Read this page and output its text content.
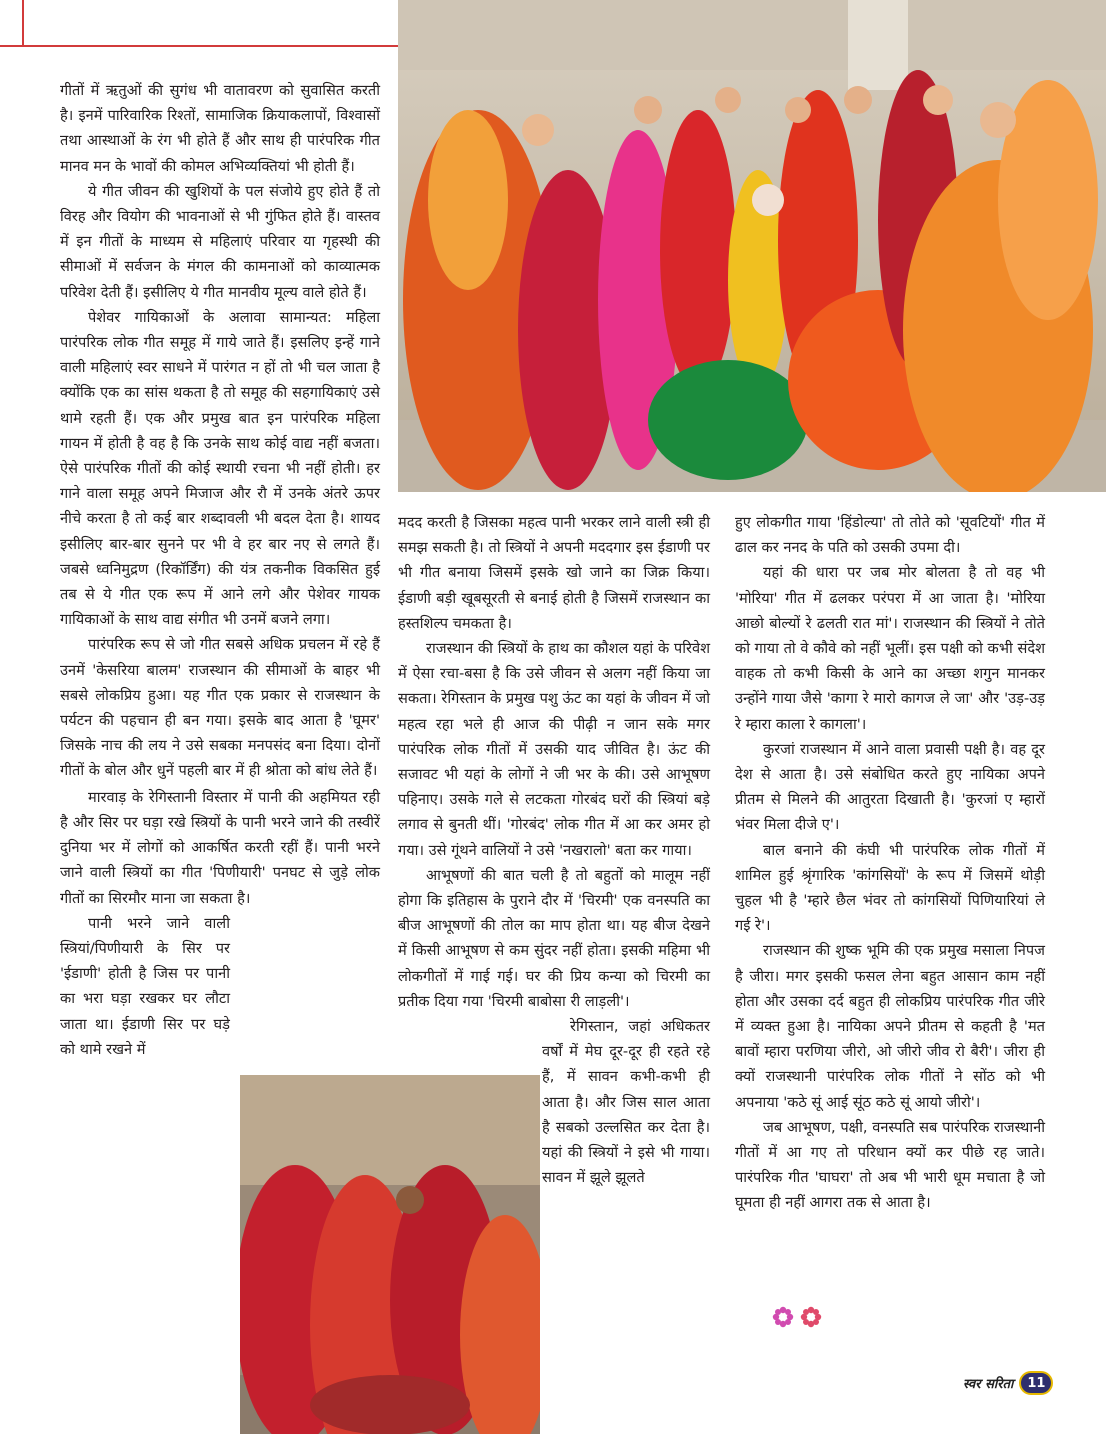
गीतों में ऋतुओं की सुगंध भी वातावरण को सुवासित करती है। इनमें पारिवारिक रिश्तों, सामाजिक क्रियाकलापों, विश्वासों तथा आस्थाओं के रंग भी होते हैं और साथ ही पारंपरिक गीत मानव मन के भावों की कोमल अभिव्यक्तियां भी होती हैं।

ये गीत जीवन की खुशियों के पल संजोये हुए होते हैं तो विरह और वियोग की भावनाओं से भी गुंफित होते हैं। वास्तव में इन गीतों के माध्यम से महिलाएं परिवार या गृहस्थी की सीमाओं में सर्वजन के मंगल की कामनाओं को काव्यात्मक परिवेश देती हैं। इसीलिए ये गीत मानवीय मूल्य वाले होते हैं।

पेशेवर गायिकाओं के अलावा सामान्यत: महिला पारंपरिक लोक गीत समूह में गाये जाते हैं। इसलिए इन्हें गाने वाली महिलाएं स्वर साधने में पारंगत न हों तो भी चल जाता है क्योंकि एक का सांस थकता है तो समूह की सहगायिकाएं उसे थामे रहती हैं। एक और प्रमुख बात इन पारंपरिक महिला गायन में होती है वह है कि उनके साथ कोई वाद्य नहीं बजता। ऐसे पारंपरिक गीतों की कोई स्थायी रचना भी नहीं होती। हर गाने वाला समूह अपने मिजाज और रौ में उनके अंतरे ऊपर नीचे करता है तो कई बार शब्दावली भी बदल देता है। शायद इसीलिए बार-बार सुनने पर भी वे हर बार नए से लगते हैं। जबसे ध्वनिमुद्रण (रिकॉर्डिंग) की यंत्र तकनीक विकसित हुई तब से ये गीत एक रूप में आने लगे और पेशेवर गायक गायिकाओं के साथ वाद्य संगीत भी उनमें बजने लगा।

पारंपरिक रूप से जो गीत सबसे अधिक प्रचलन में रहे हैं उनमें 'केसरिया बालम' राजस्थान की सीमाओं के बाहर भी सबसे लोकप्रिय हुआ। यह गीत एक प्रकार से राजस्थान के पर्यटन की पहचान ही बन गया। इसके बाद आता है 'घूमर' जिसके नाच की लय ने उसे सबका मनपसंद बना दिया। दोनों गीतों के बोल और धुनें पहली बार में ही श्रोता को बांध लेते हैं।

मारवाड़ के रेगिस्तानी विस्तार में पानी की अहमियत रही है और सिर पर घड़ा रखे स्त्रियों के पानी भरने जाने की तस्वीरें दुनिया भर में लोगों को आकर्षित करती रहीं हैं। पानी भरने जाने वाली स्त्रियों का गीत 'पिणीयारी' पनघट से जुड़े लोक गीतों का सिरमौर माना जा सकता है।

पानी भरने जाने वाली स्त्रियां/पिणीयारी के सिर पर 'ईडाणी' होती है जिस पर पानी का भरा घड़ा रखकर घर लौटा जाता था। ईडाणी सिर पर घड़े को थामे रखने में

मदद करती है जिसका महत्व पानी भरकर लाने वाली स्त्री ही समझ सकती है। तो स्त्रियों ने अपनी मददगार इस ईडाणी पर भी गीत बनाया जिसमें इसके खो जाने का जिक्र किया। ईडाणी बड़ी खूबसूरती से बनाई होती है जिसमें राजस्थान का हस्तशिल्प चमकता है।

राजस्थान की स्त्रियों के हाथ का कौशल यहां के परिवेश में ऐसा रचा-बसा है कि उसे जीवन से अलग नहीं किया जा सकता। रेगिस्तान के प्रमुख पशु ऊंट का यहां के जीवन में जो महत्व रहा भले ही आज की पीढ़ी न जान सके मगर पारंपरिक लोक गीतों में उसकी याद जीवित है। ऊंट की सजावट भी यहां के लोगों ने जी भर के की। उसे आभूषण पहिनाए। उसके गले से लटकता गोरबंद घरों की स्त्रियां बड़े लगाव से बुनती थीं। 'गोरबंद' लोक गीत में आ कर अमर हो गया। उसे गूंथने वालियों ने उसे 'नखरालो' बता कर गाया।

आभूषणों की बात चली है तो बहुतों को मालूम नहीं होगा कि इतिहास के पुराने दौर में 'चिरमी' एक वनस्पति का बीज आभूषणों की तोल का माप होता था। यह बीज देखने में किसी आभूषण से कम सुंदर नहीं होता। इसकी महिमा भी लोकगीतों में गाई गई। घर की प्रिय कन्या को चिरमी का प्रतीक दिया गया 'चिरमी बाबोसा री लाड़ली'।

रेगिस्तान, जहां अधिकतर वर्षों में मेघ दूर-दूर ही रहते रहे हैं, में सावन कभी-कभी ही आता है। और जिस साल आता है सबको उल्लसित कर देता है। यहां की स्त्रियों ने इसे भी गाया। सावन में झूले झूलते

हुए लोकगीत गाया 'हिंडोल्या' तो तोते को 'सूवटियों' गीत में ढाल कर ननद के पति को उसकी उपमा दी।

यहां की धारा पर जब मोर बोलता है तो वह भी 'मोरिया' गीत में ढलकर परंपरा में आ जाता है। 'मोरिया आछो बोल्यों रे ढलती रात मां'। राजस्थान की स्त्रियों ने तोते को गाया तो वे कौवे को नहीं भूलीं। इस पक्षी को कभी संदेश वाहक तो कभी किसी के आने का अच्छा शगुन मानकर उन्होंने गाया जैसे 'कागा रे मारो कागज ले जा' और 'उड़-उड़ रे म्हारा काला रे कागला'।

कुरजां राजस्थान में आने वाला प्रवासी पक्षी है। वह दूर देश से आता है। उसे संबोधित करते हुए नायिका अपने प्रीतम से मिलने की आतुरता दिखाती है। 'कुरजां ए म्हारों भंवर मिला दीजे ए'।

बाल बनाने की कंघी भी पारंपरिक लोक गीतों में शामिल हुई श्रृंगारिक 'कांगसियों' के रूप में जिसमें थोड़ी चुहल भी है 'म्हारे छैल भंवर तो कांगसियों पिणियारियां ले गई रे'।

राजस्थान की शुष्क भूमि की एक प्रमुख मसाला निपज है जीरा। मगर इसकी फसल लेना बहुत आसान काम नहीं होता और उसका दर्द बहुत ही लोकप्रिय पारंपरिक गीत जीरे में व्यक्त हुआ है। नायिका अपने प्रीतम से कहती है 'मत बावों म्हारा परणिया जीरो, ओ जीरो जीव रो बैरी'। जीरा ही क्यों राजस्थानी पारंपरिक लोक गीतों ने सोंठ को भी अपनाया 'कठे सूं आई सूंठ कठे सूं आयो जीरो'।

जब आभूषण, पक्षी, वनस्पति सब पारंपरिक राजस्थानी गीतों में आ गए तो परिधान क्यों कर पीछे रह जाते। पारंपरिक गीत 'घाघरा' तो अब भी भारी धूम मचाता है जो घूमता ही नहीं आगरा तक से आता है।

स्वर सरिता	11
